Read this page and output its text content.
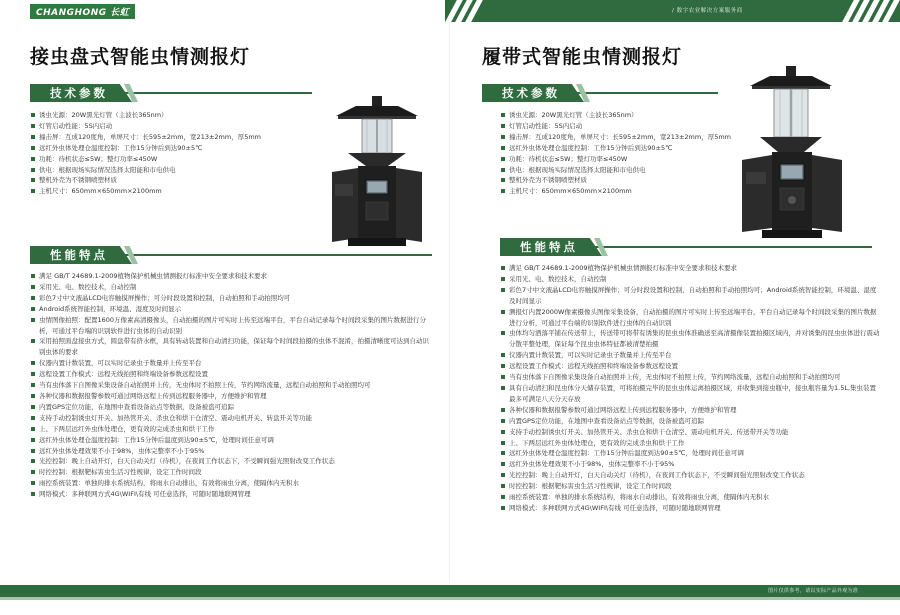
CHANGHONG 长虹	/ 数字农业解决方案服务商
接虫盘式智能虫情测报灯
技术参数
诱虫光源：20W黑光灯管（主波长365nm）
灯管启动性能：5S内启动
撞击屏：互成120度角，单屏尺寸：长595±2mm，宽213±2mm，厚5mm
远红外虫体处理仓温度控制：工作15分钟后到达90±5℃
功耗：待机状态≤5W；整灯功率≤450W
供电：根据现场实际情况选择太阳能和市电供电
整机外壳为不锈钢喷塑材质
主机尺寸：650mm×650mm×2100mm
性能特点
满足 GB/T 24689.1-2009植物保护机械虫情测报灯标准中安全要求和技术要求
采用光、电、数控技术，自动控制
彩色7寸中文液晶LCD电容触摸屏操作；可分时段设置和控制，自动拍照和手动拍照均可
Android系统智能控制，环境温、湿度及时间显示
虫情图像拍照：配置1600万像素高清摄像头，自动拍摄的图片可实时上传至远端平台，平台自动记录每个时间段采集的图片数据进行分析，可通过平台端的识别软件进行虫体的自动识别
采用拍照面盘接虫方式，圆盘带有挤水框，具有转动装置和自动清扫功能，保证每个时间段拍摄的虫体不混淆，拍摄清晰度可达到自动识别虫体的要求
仪器内置计数装置，可以实时记录虫子数量并上传至平台
远程设置工作模式：远程无线拍照和终端设备参数远程设置
当有虫体落下自图像采集设备自动拍照并上传，无虫体时不拍照上传，节约网络流量，远程自动拍照和手动拍照均可
各种仪器和数据报警参数可通过网络远程上传到远程服务器中，方便维护和管理
内置GPS定位功能，在地图中查看设备站点等数据，设备被盗可追踪
支持手动控制诱虫灯开关、加热管开关、杀虫仓和烘干仓清空、震动电机开关、转盘开关等功能
上、下两层远红外虫体处理仓，更有效的完成杀虫和烘干工作
远红外虫体处理仓温度控制：工作15分钟后温度到达90±5℃，处理时间任意可调
远红外虫体处理效果不小于98%，虫体完整率不小于95%
光控控制：晚上自动开灯，白天自动关灯（待机），在夜间工作状态下，不受瞬间强光照射改变工作状态
时控控制：根据靶标害虫生活习性规律，设定工作时间段
雨控系统装置：单独的排水系统结构，将雨水自动排出，有效将雨虫分离，使隔体内无积水
网络模式：多种联网方式4G\WIFI\有线 可任意选择，可随时随地联网管理
履带式智能虫情测报灯
技术参数
诱虫光源：20W黑光灯管（主波长365nm）
灯管启动性能：5S内启动
撞击屏：互成120度角，单屏尺寸：长595±2mm，宽213±2mm，厚5mm
远红外虫体处理仓温度控制：工作15分钟后到达90±5℃
功耗：待机状态≤5W；整灯功率≤450W
供电：根据现场实际情况选择太阳能和市电供电
整机外壳为不锈钢喷塑材质
主机尺寸：650mm×650mm×2100mm
性能特点
满足 GB/T 24689.1-2009植物保护机械虫情测报灯标准中安全要求和技术要求
采用光、电、数控技术，自动控制
彩色7寸中文液晶LCD电容触摸屏操作；可分时段设置和控制，自动拍照和手动拍照均可；Android系统智能控制，环境温、湿度及时间显示
测报灯内置2000W像素摄像头图像采集设备，自动拍摄的图片可实时上传至远端平台，平台自动记录每个时间段采集的图片数据进行分析，可通过平台端的识别软件进行虫体的自动识别
虫体均匀洒落平铺在传送带上，传送带可将带有诱集的昆虫虫体准确送至高清摄像装置拍摄区域内，并对诱集的昆虫虫体进行震动分散平整处理，保证每个昆虫虫体特征都被清楚拍摄
仪器内置计数装置，可以实时记录虫子数量并上传至平台
远程设置工作模式：远程无线拍照和终端设备参数远程设置
当有虫体落下自图像采集设备自动拍照并上传，无虫体时不拍照上传，节约网络流量，远程自动拍照和手动拍照均可
具有自动清扫和昆虫体分天储存装置，可将拍摄完毕的昆虫虫体运离拍摄区域，并收集到接虫瓶中，接虫瓶容量为1.5L,集虫装置最多可满足八天分天存放
各种仪器和数据报警参数可通过网络远程上传到远程服务器中，方便维护和管理
内置GPS定位功能，在地图中查看设备站点等数据，设备被盗可追踪
支持手动控制诱虫灯开关、加热管开关、杀虫仓和烘干仓清空、震动电机开关、传送带开关等功能
上、下两层远红外虫体处理仓，更有效的完成杀虫和烘干工作
远红外虫体处理仓温度控制：工作15分钟后温度到达90±5℃，处理时间任意可调
远红外虫体处理效果不小于98%，虫体完整率不小于95%
光控控制：晚上自动开灯，白天自动关灯（待机），在夜间工作状态下，不受瞬间强光照射改变工作状态
时控控制：根据靶标害虫生活习性规律，设定工作时间段
雨控系统装置：单独的排水系统结构，将雨水自动排出，有效将雨虫分离，使隔体内无积水
网络模式：多种联网方式4G\WIFI\有线 可任意选择，可随时随地联网管理
图片仅供参考，请以实际产品外观为准
